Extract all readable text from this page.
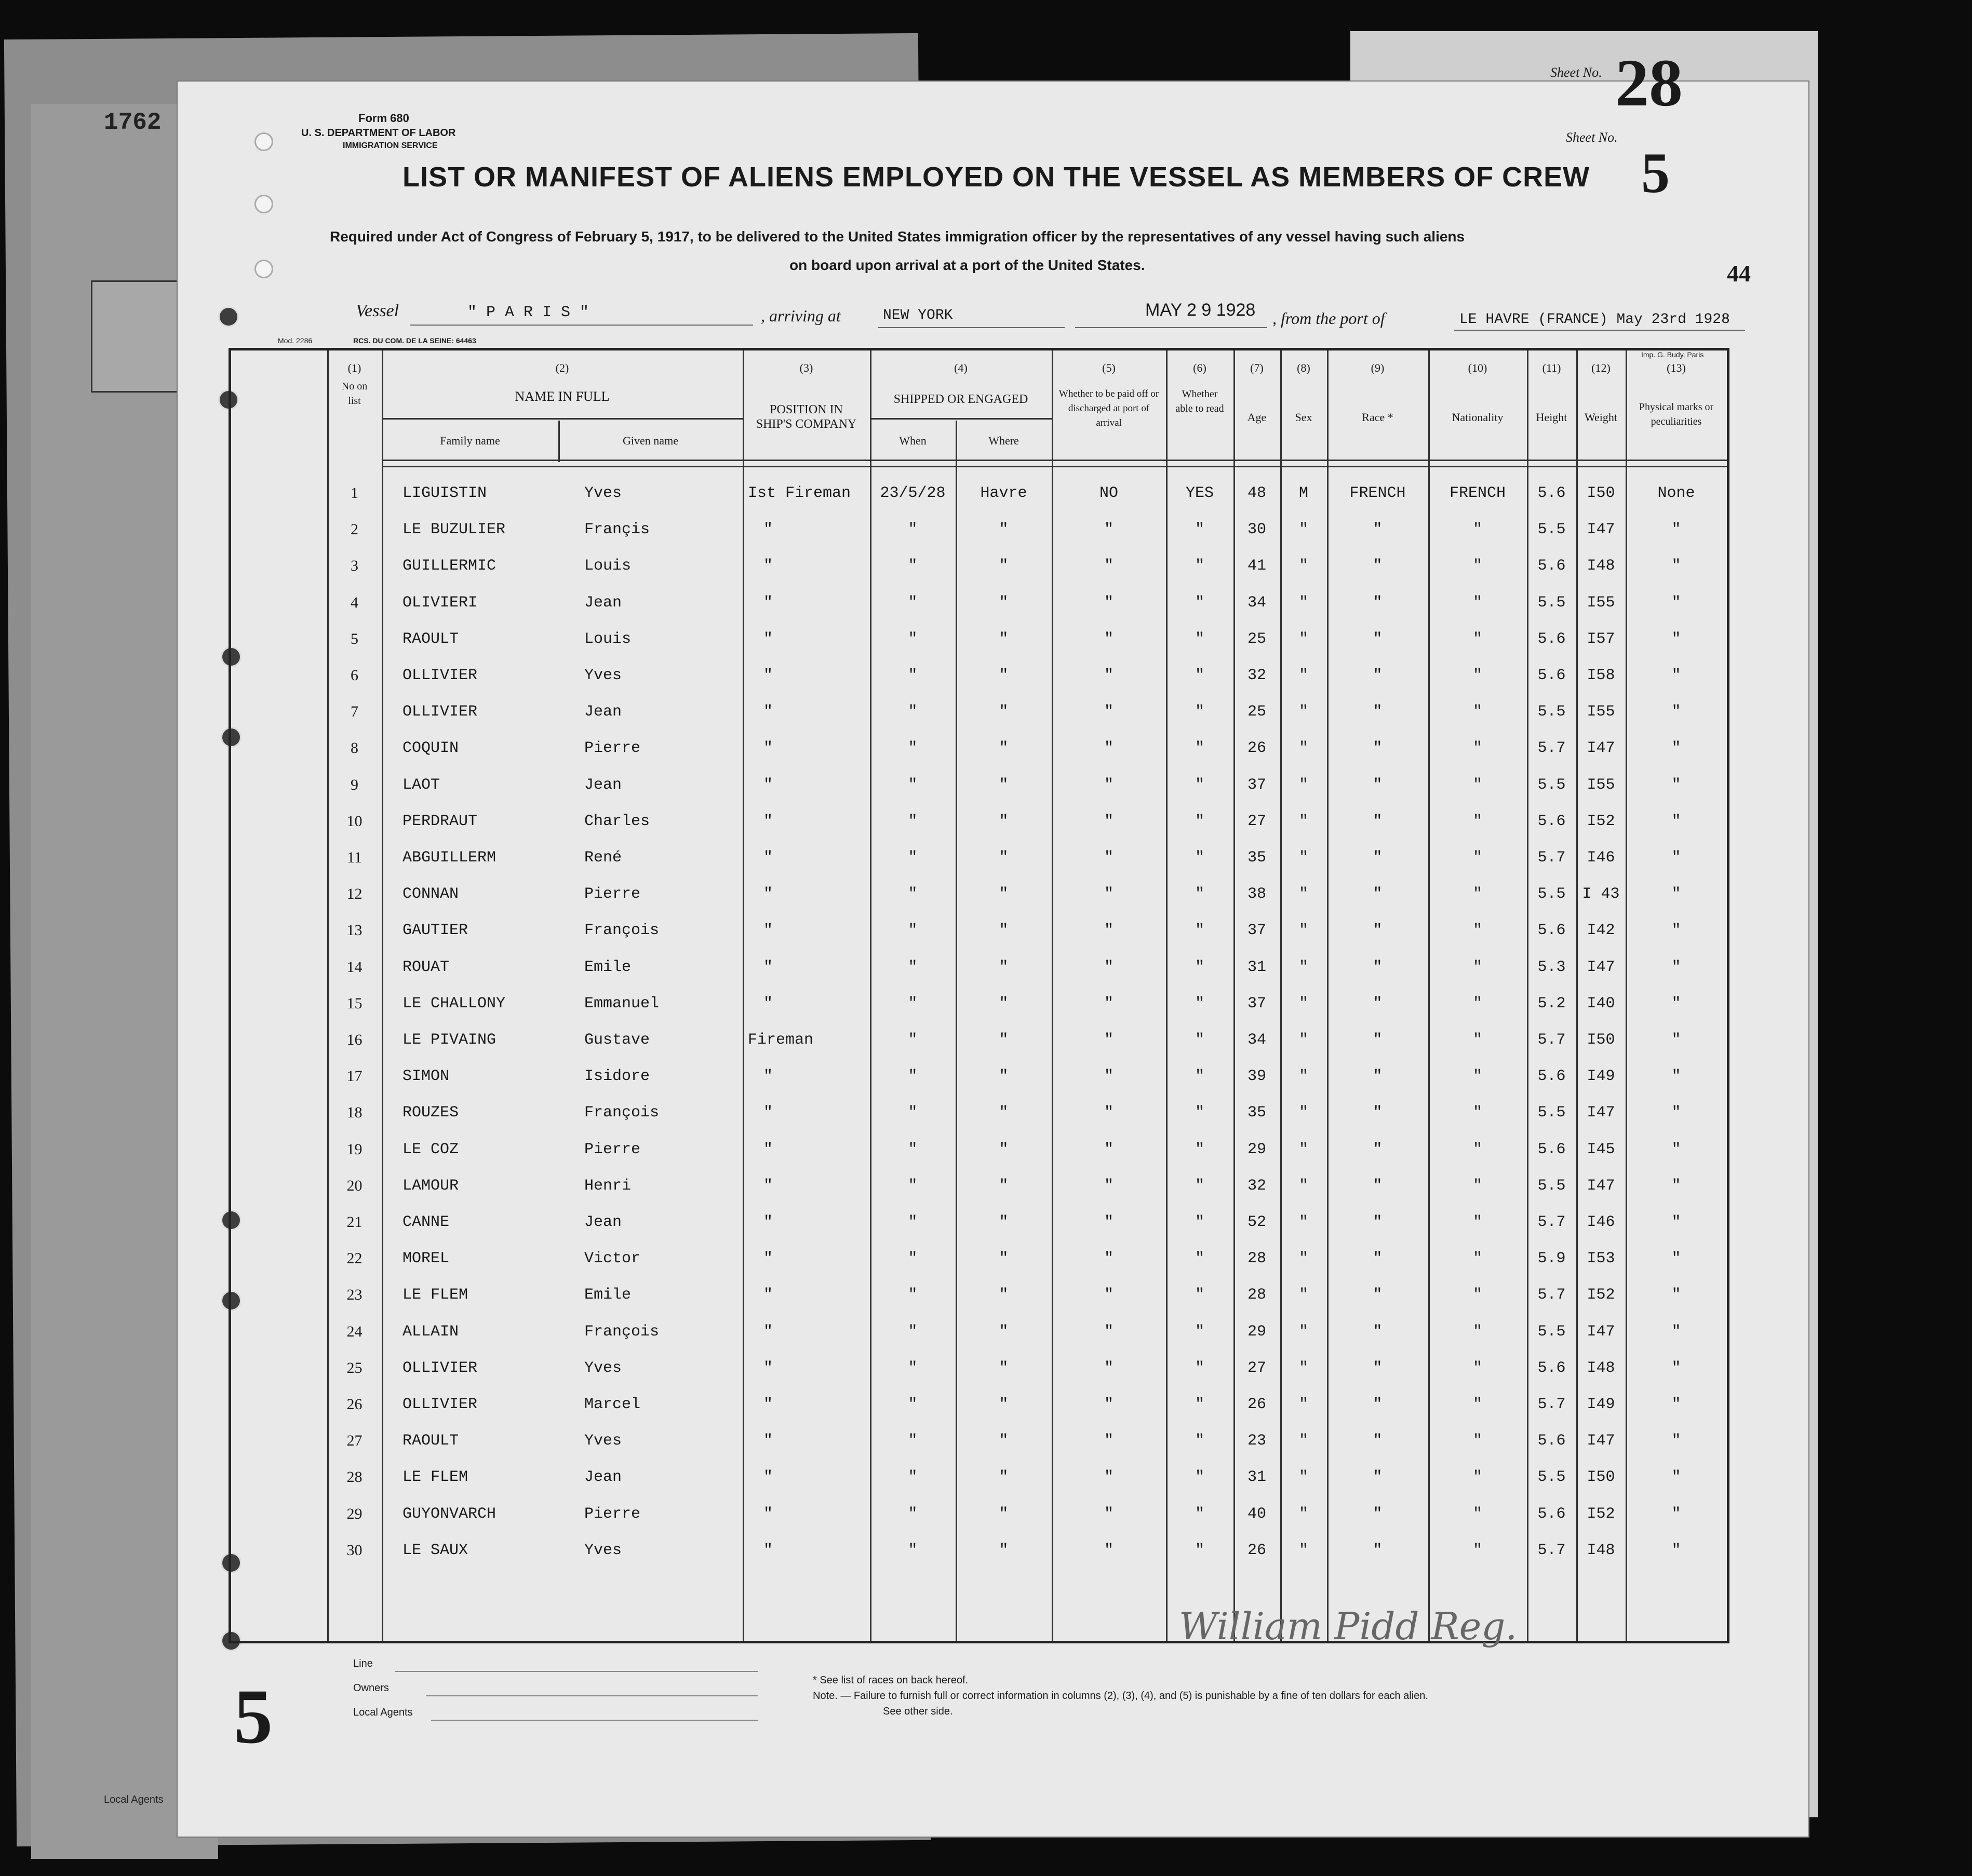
1762
Local Agents
Sheet No. 28
Sheet No.
5
44
Form 680
U. S. DEPARTMENT OF LABOR
IMMIGRATION SERVICE
LIST OR MANIFEST OF ALIENS EMPLOYED ON THE VESSEL AS MEMBERS OF CREW
Required under Act of Congress of February 5, 1917, to be delivered to the United States immigration officer by the representatives of any vessel having such aliens
on board upon arrival at a port of the United States.
Vessel	" P A R I S "	, arriving at	NEW YORK	MAY 2 9 1928 , from the port of	LE HAVRE (FRANCE) May 23rd 1928
Mod. 2286	RCS. DU COM. DE LA SEINE: 64463
Imp. G. Budy, Paris
(1)
No on list
(2)
NAME IN FULL
Family name	Given name
(3)
POSITION IN SHIP'S COMPANY
(4)
SHIPPED OR ENGAGED
When	Where
(5)
Whether to be paid off or discharged at port of arrival
(6)
Whether able to read
(7)
Age
(8)
Sex
(9)
Race *
(10)
Nationality
(11)
Height
(12)
Weight
(13)
Physical marks or peculiarities
1	LIGUISTIN	Yves	Ist Fireman	23/5/28	Havre	NO	YES	48	M	FRENCH	FRENCH	5.6	I50	None
2	LE BUZULIER	Françis	"	"	"	"	"	30	"	"	"	5.5	I47	"
3	GUILLERMIC	Louis	"	"	"	"	"	41	"	"	"	5.6	I48	"
4	OLIVIERI	Jean	"	"	"	"	"	34	"	"	"	5.5	I55	"
5	RAOULT	Louis	"	"	"	"	"	25	"	"	"	5.6	I57	"
6	OLLIVIER	Yves	"	"	"	"	"	32	"	"	"	5.6	I58	"
7	OLLIVIER	Jean	"	"	"	"	"	25	"	"	"	5.5	I55	"
8	COQUIN	Pierre	"	"	"	"	"	26	"	"	"	5.7	I47	"
9	LAOT	Jean	"	"	"	"	"	37	"	"	"	5.5	I55	"
10	PERDRAUT	Charles	"	"	"	"	"	27	"	"	"	5.6	I52	"
11	ABGUILLERM	René	"	"	"	"	"	35	"	"	"	5.7	I46	"
12	CONNAN	Pierre	"	"	"	"	"	38	"	"	"	5.5	I 43	"
13	GAUTIER	François	"	"	"	"	"	37	"	"	"	5.6	I42	"
14	ROUAT	Emile	"	"	"	"	"	31	"	"	"	5.3	I47	"
15	LE CHALLONY	Emmanuel	"	"	"	"	"	37	"	"	"	5.2	I40	"
16	LE PIVAING	Gustave	Fireman	"	"	"	"	34	"	"	"	5.7	I50	"
17	SIMON	Isidore	"	"	"	"	"	39	"	"	"	5.6	I49	"
18	ROUZES	François	"	"	"	"	"	35	"	"	"	5.5	I47	"
19	LE COZ	Pierre	"	"	"	"	"	29	"	"	"	5.6	I45	"
20	LAMOUR	Henri	"	"	"	"	"	32	"	"	"	5.5	I47	"
21	CANNE	Jean	"	"	"	"	"	52	"	"	"	5.7	I46	"
22	MOREL	Victor	"	"	"	"	"	28	"	"	"	5.9	I53	"
23	LE FLEM	Emile	"	"	"	"	"	28	"	"	"	5.7	I52	"
24	ALLAIN	François	"	"	"	"	"	29	"	"	"	5.5	I47	"
25	OLLIVIER	Yves	"	"	"	"	"	27	"	"	"	5.6	I48	"
26	OLLIVIER	Marcel	"	"	"	"	"	26	"	"	"	5.7	I49	"
27	RAOULT	Yves	"	"	"	"	"	23	"	"	"	5.6	I47	"
28	LE FLEM	Jean	"	"	"	"	"	31	"	"	"	5.5	I50	"
29	GUYONVARCH	Pierre	"	"	"	"	"	40	"	"	"	5.6	I52	"
30	LE SAUX	Yves	"	"	"	"	"	26	"	"	"	5.7	I48	"
William Pidd Reg.
Line
Owners
Local Agents
* See list of races on back hereof.
Note. — Failure to furnish full or correct information in columns (2), (3), (4), and (5) is punishable by a fine of ten dollars for each alien.
See other side.
5
